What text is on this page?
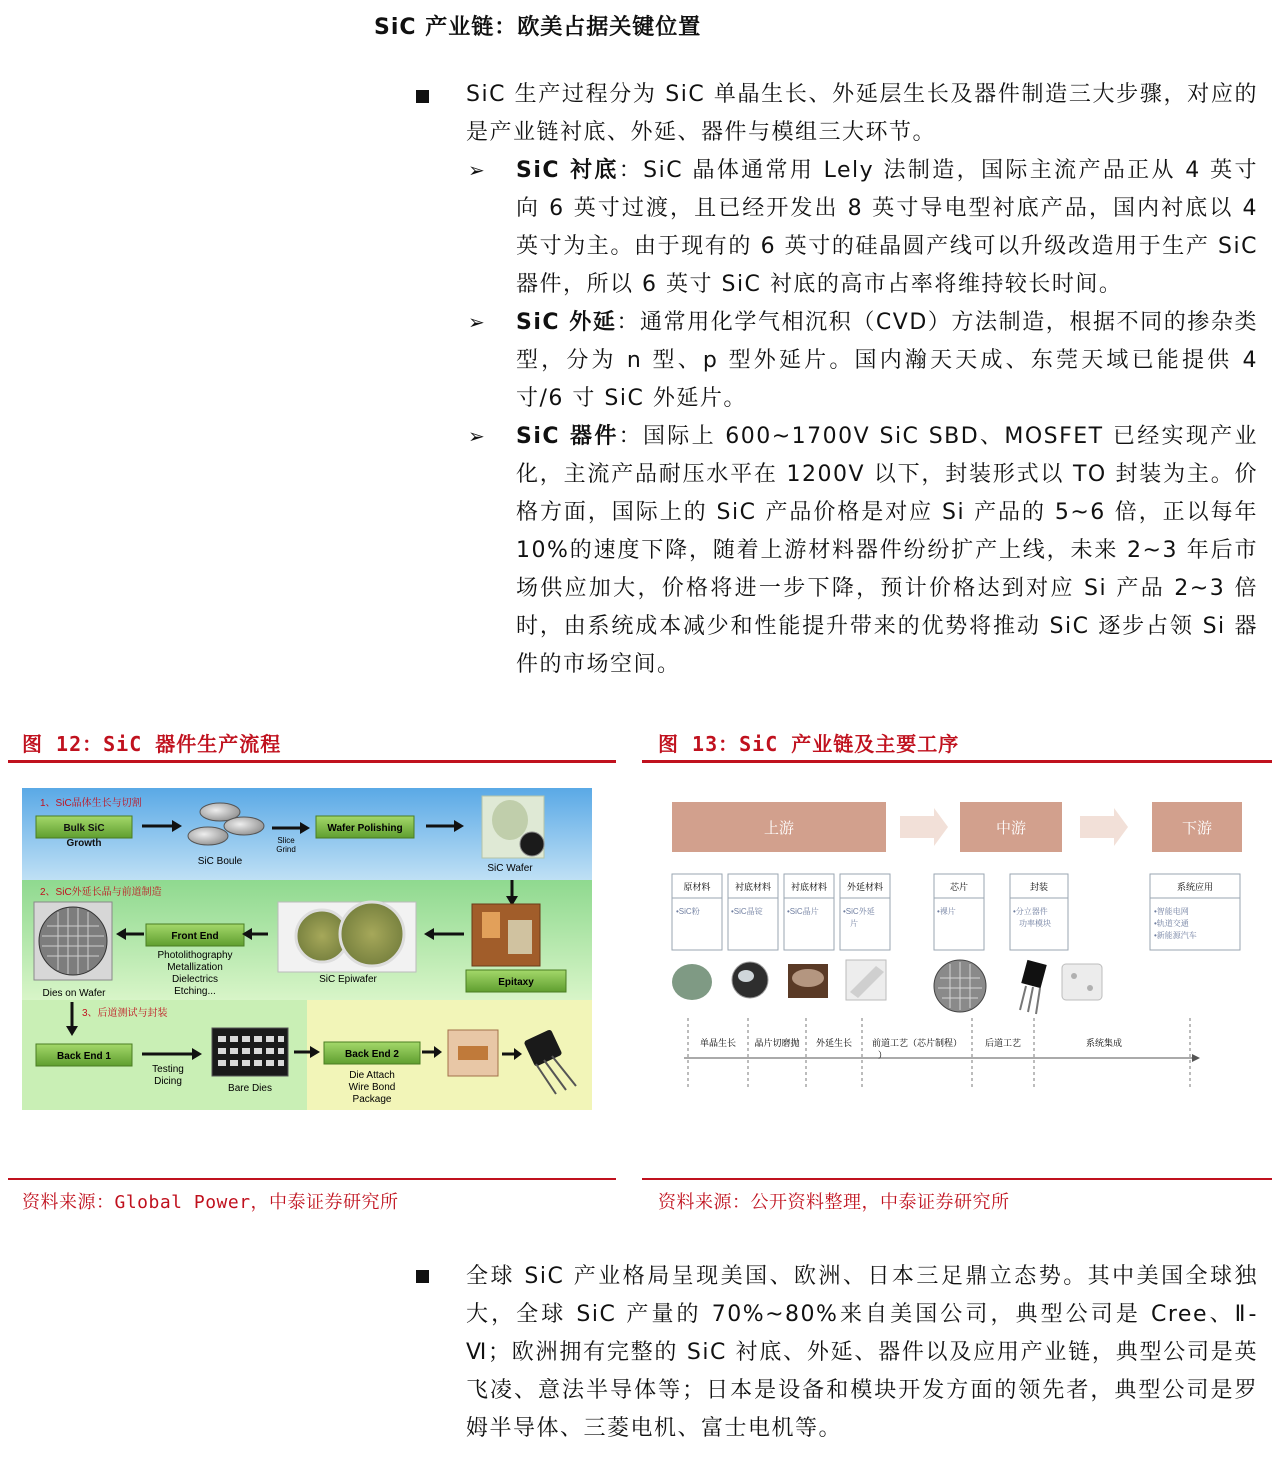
SiC 产业链：欧美占据关键位置
SiC 生产过程分为 SiC 单晶生长、外延层生长及器件制造三大步骤，对应的是产业链衬底、外延、器件与模组三大环节。
➢ SiC 衬底：SiC 晶体通常用 Lely 法制造，国际主流产品正从 4 英寸向 6 英寸过渡，且已经开发出 8 英寸导电型衬底产品，国内衬底以 4 英寸为主。由于现有的 6 英寸的硅晶圆产线可以升级改造用于生产 SiC 器件，所以 6 英寸 SiC 衬底的高市占率将维持较长时间。
➢ SiC 外延：通常用化学气相沉积（CVD）方法制造，根据不同的掺杂类型，分为 n 型、p 型外延片。国内瀚天天成、东莞天域已能提供 4 寸/6 寸 SiC 外延片。
➢ SiC 器件：国际上 600~1700V SiC SBD、MOSFET 已经实现产业化，主流产品耐压水平在 1200V 以下，封装形式以 TO 封装为主。价格方面，国际上的 SiC 产品价格是对应 Si 产品的 5~6 倍，正以每年 10%的速度下降，随着上游材料器件纷纷扩产上线，未来 2~3 年后市场供应加大，价格将进一步下降，预计价格达到对应 Si 产品 2~3 倍时，由系统成本减少和性能提升带来的优势将推动 SiC 逐步占领 Si 器件的市场空间。
图 12：SiC 器件生产流程
1、SiC晶体生长与切割
2、SiC外延长晶与前道制造
3、后道测试与封装
Bulk SiC
Growth
SiC Boule
Slice
Grind
Wafer Polishing
SiC Wafer
Dies on Wafer
Front End
Photolithography
Metallization
Dielectrics
Etching...
SiC Epiwafer	Epitaxy
Back End 1
Testing
Dicing
Bare Dies
Back End 2
Die Attach
Wire Bond
Package
资料来源：Global Power，中泰证券研究所
图 13：SiC 产业链及主要工序
上游	中游	下游
原材料
•SiC粉
衬底材料
•SiC晶锭
衬底材料
•SiC晶片
外延材料
•SiC外延
片
芯片
•裸片
封装
•分立器件
功率模块
系统应用
•智能电网
•轨道交通
•新能源汽车
单晶生长 晶片切磨抛 外延生长 前道工艺（芯片制程）
）
后道工艺	系统集成
资料来源：公开资料整理，中泰证券研究所
全球 SiC 产业格局呈现美国、欧洲、日本三足鼎立态势。其中美国全球独大，全球 SiC 产量的 70%~80%来自美国公司，典型公司是 Cree、Ⅱ-Ⅵ；欧洲拥有完整的 SiC 衬底、外延、器件以及应用产业链，典型公司是英飞凌、意法半导体等；日本是设备和模块开发方面的领先者，典型公司是罗姆半导体、三菱电机、富士电机等。
